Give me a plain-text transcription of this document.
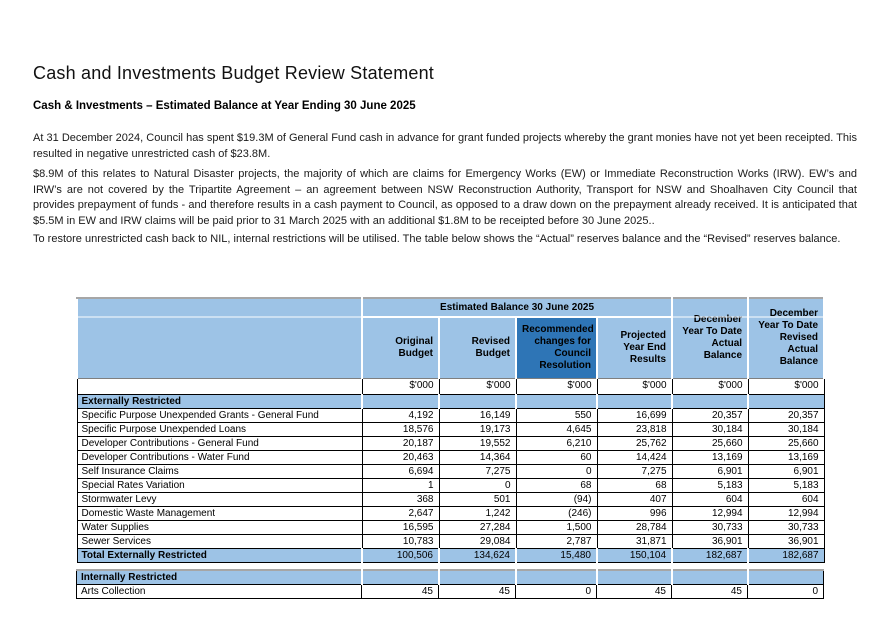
Cash and Investments Budget Review Statement
Cash & Investments – Estimated Balance at Year Ending 30 June 2025

At 31 December 2024, Council has spent $19.3M of General Fund cash in advance for grant funded projects whereby the grant monies have not yet been receipted. This resulted in negative unrestricted cash of $23.8M.

$8.9M of this relates to Natural Disaster projects, the majority of which are claims for Emergency Works (EW) or Immediate Reconstruction Works (IRW). EW’s and IRW’s are not covered by the Tripartite Agreement – an agreement between NSW Reconstruction Authority, Transport for NSW and Shoalhaven City Council that provides prepayment of funds - and therefore results in a cash payment to Council, as opposed to a draw down on the prepayment already received. It is anticipated that $5.5M in EW and IRW claims will be paid prior to 31 March 2025 with an additional $1.8M to be receipted before 30 June 2025..

To restore unrestricted cash back to NIL, internal restrictions will be utilised. The table below shows the “Actual” reserves balance and the “Revised” reserves balance.

	Estimated Balance 30 June 2025				December Year To Date Actual Balance	December Year To Date Revised Actual Balance
	Original Budget	Revised Budget	Recommended changes for Council Resolution	Projected Year End Results		
	$'000	$'000	$'000	$'000	$'000	$'000
Externally Restricted						
Specific Purpose Unexpended Grants - General Fund	4,192	16,149	550	16,699	20,357	20,357
Specific Purpose Unexpended Loans	18,576	19,173	4,645	23,818	30,184	30,184
Developer Contributions - General Fund	20,187	19,552	6,210	25,762	25,660	25,660
Developer Contributions - Water Fund	20,463	14,364	60	14,424	13,169	13,169
Self Insurance Claims	6,694	7,275	0	7,275	6,901	6,901
Special Rates Variation	1	0	68	68	5,183	5,183
Stormwater Levy	368	501	(94)	407	604	604
Domestic Waste Management	2,647	1,242	(246)	996	12,994	12,994
Water Supplies	16,595	27,284	1,500	28,784	30,733	30,733
Sewer Services	10,783	29,084	2,787	31,871	36,901	36,901
Total Externally Restricted	100,506	134,624	15,480	150,104	182,687	182,687
Internally Restricted						
Arts Collection	45	45	0	45	45	0
